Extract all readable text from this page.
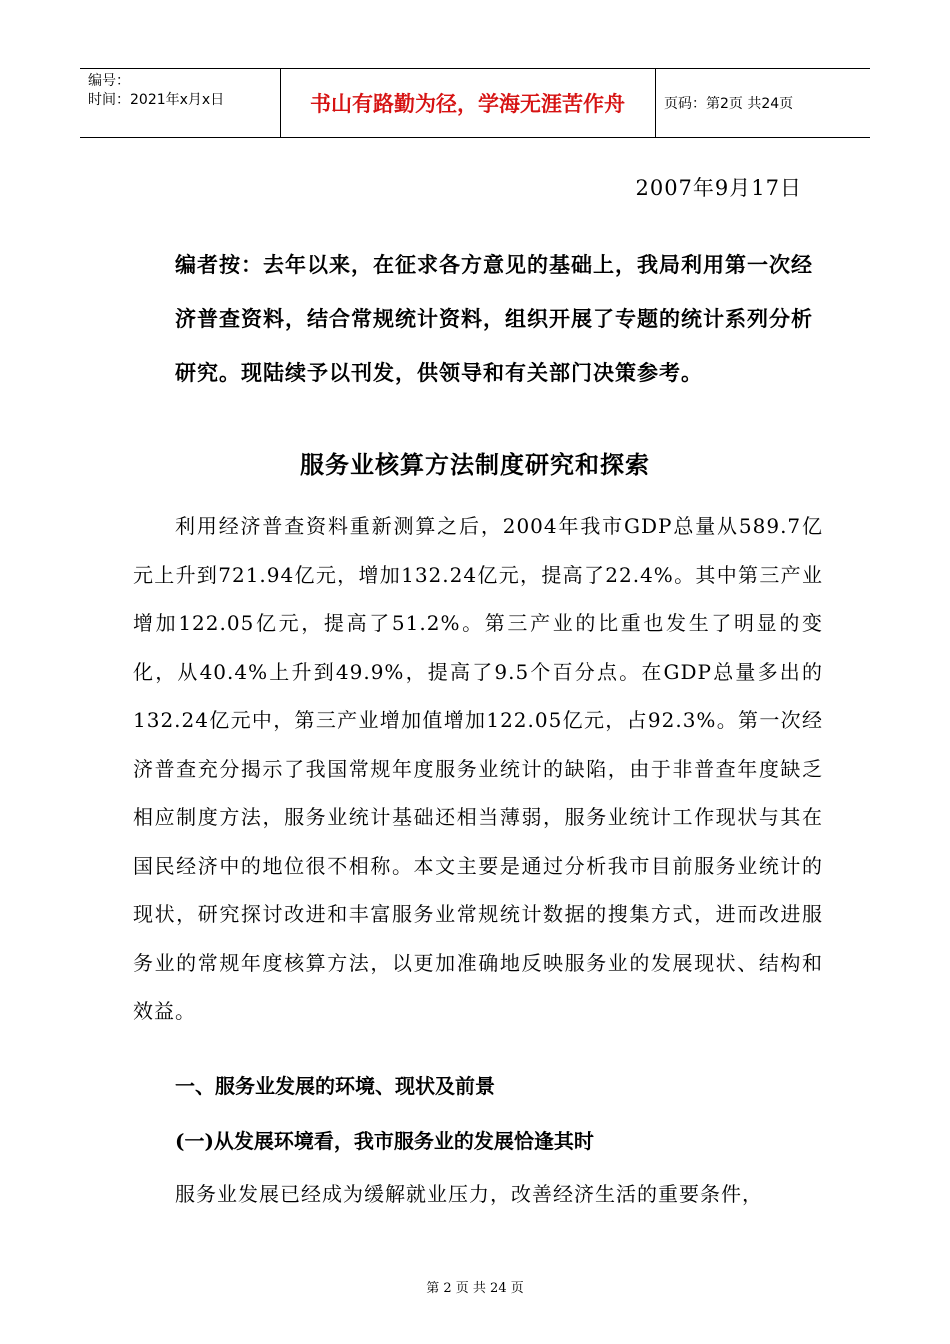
编号：
时间：2021年x月x日	书山有路勤为径，学海无涯苦作舟	页码：第2页 共24页
2007年9月17日
编者按：去年以来，在征求各方意见的基础上，我局利用第一次经济普查资料，结合常规统计资料，组织开展了专题的统计系列分析研究。现陆续予以刊发，供领导和有关部门决策参考。
服务业核算方法制度研究和探索

利用经济普查资料重新测算之后，2004年我市GDP总量从589.7亿元上升到721.94亿元，增加132.24亿元，提高了22.4%。其中第三产业增加122.05亿元，提高了51.2%。第三产业的比重也发生了明显的变化，从40.4%上升到49.9%，提高了9.5个百分点。在GDP总量多出的132.24亿元中，第三产业增加值增加122.05亿元，占92.3%。第一次经济普查充分揭示了我国常规年度服务业统计的缺陷，由于非普查年度缺乏相应制度方法，服务业统计基础还相当薄弱，服务业统计工作现状与其在国民经济中的地位很不相称。本文主要是通过分析我市目前服务业统计的现状，研究探讨改进和丰富服务业常规统计数据的搜集方式，进而改进服务业的常规年度核算方法，以更加准确地反映服务业的发展现状、结构和效益。

一、服务业发展的环境、现状及前景
(一)从发展环境看，我市服务业的发展恰逢其时
服务业发展已经成为缓解就业压力，改善经济生活的重要条件，
第 2 页 共 24 页
